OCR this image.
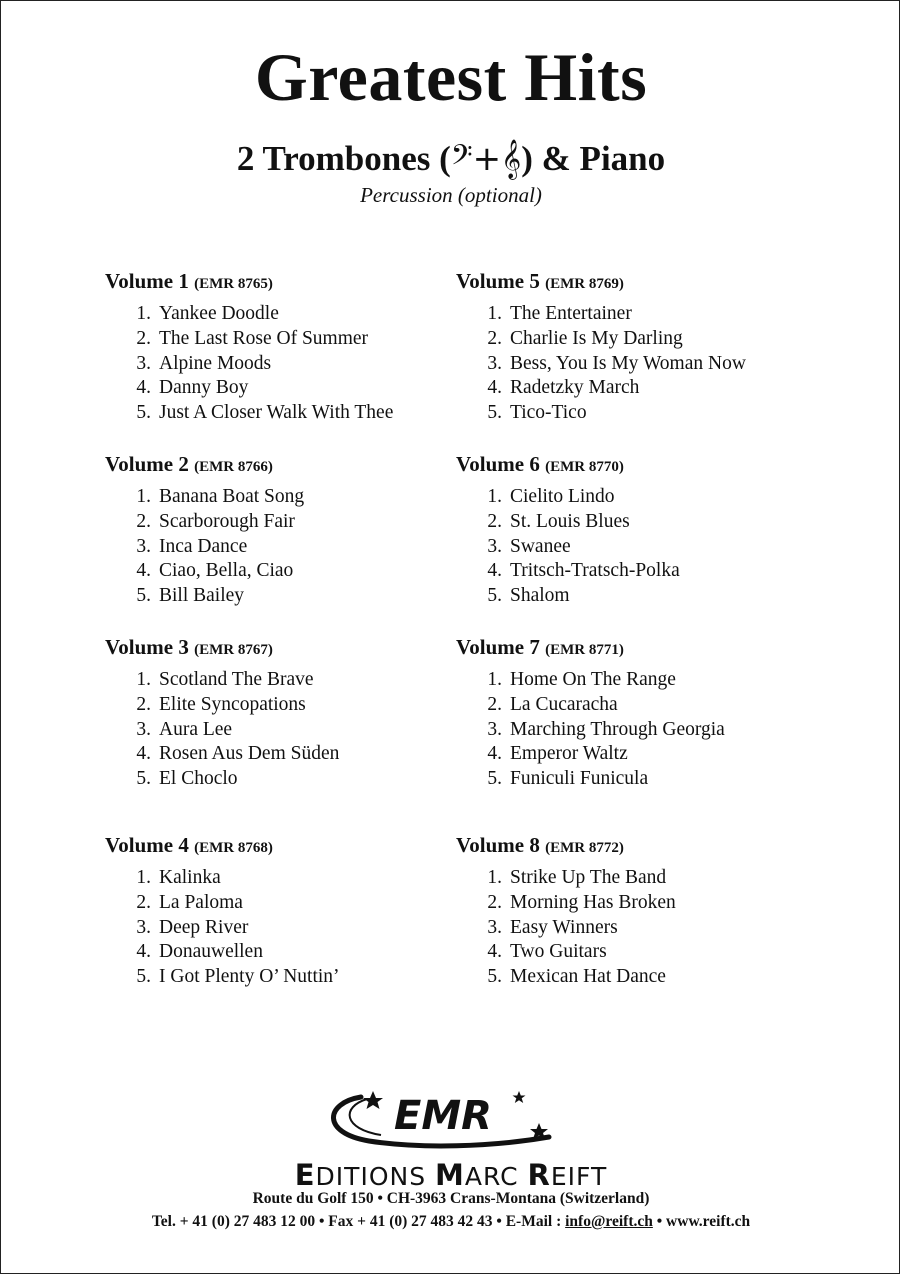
Greatest Hits
2 Trombones (𝄢+𝄞) & Piano
Percussion (optional)
Volume 1 (EMR 8765)
1. Yankee Doodle
2. The Last Rose Of Summer
3. Alpine Moods
4. Danny Boy
5. Just A Closer Walk With Thee
Volume 2 (EMR 8766)
1. Banana Boat Song
2. Scarborough Fair
3. Inca Dance
4. Ciao, Bella, Ciao
5. Bill Bailey
Volume 3 (EMR 8767)
1. Scotland The Brave
2. Elite Syncopations
3. Aura Lee
4. Rosen Aus Dem Süden
5. El Choclo
Volume 4 (EMR 8768)
1. Kalinka
2. La Paloma
3. Deep River
4. Donauwellen
5. I Got Plenty O’ Nuttin’
Volume 5 (EMR 8769)
1. The Entertainer
2. Charlie Is My Darling
3. Bess, You Is My Woman Now
4. Radetzky March
5. Tico-Tico
Volume 6 (EMR 8770)
1. Cielito Lindo
2. St. Louis Blues
3. Swanee
4. Tritsch-Tratsch-Polka
5. Shalom
Volume 7 (EMR 8771)
1. Home On The Range
2. La Cucaracha
3. Marching Through Georgia
4. Emperor Waltz
5. Funiculi Funicula
Volume 8 (EMR 8772)
1. Strike Up The Band
2. Morning Has Broken
3. Easy Winners
4. Two Guitars
5. Mexican Hat Dance
EMR
EDITIONS MARC REIFT
Route du Golf 150 • CH-3963 Crans-Montana (Switzerland)
Tel. + 41 (0) 27 483 12 00 • Fax + 41 (0) 27 483 42 43 • E-Mail : info@reift.ch • www.reift.ch
